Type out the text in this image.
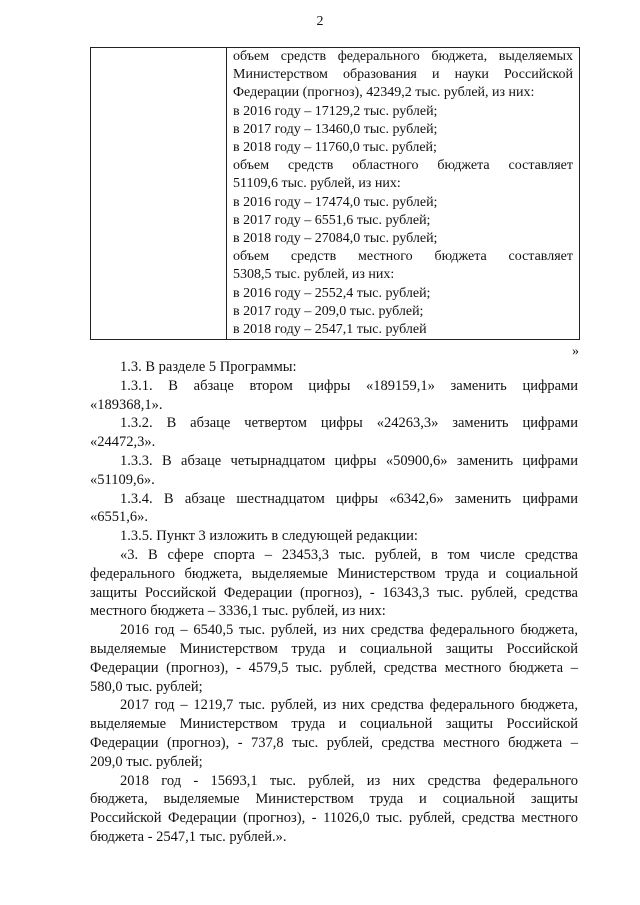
2

объем средств федерального бюджета, выделяемых
Министерством образования и науки Российской
Федерации (прогноз), 42349,2 тыс. рублей, из них:
в 2016 году – 17129,2 тыс. рублей;
в 2017 году – 13460,0 тыс. рублей;
в 2018 году – 11760,0 тыс. рублей;
объем средств областного бюджета составляет
51109,6 тыс. рублей, из них:
в 2016 году – 17474,0 тыс. рублей;
в 2017 году – 6551,6 тыс. рублей;
в 2018 году – 27084,0 тыс. рублей;
объем средств местного бюджета составляет
5308,5 тыс. рублей, из них:
в 2016 году – 2552,4 тыс. рублей;
в 2017 году – 209,0 тыс. рублей;
в 2018 году – 2547,1 тыс. рублей
»
1.3. В разделе 5 Программы:
1.3.1. В абзаце втором цифры «189159,1» заменить цифрами
«189368,1».
1.3.2. В абзаце четвертом цифры «24263,3» заменить цифрами
«24472,3».
1.3.3. В абзаце четырнадцатом цифры «50900,6» заменить цифрами
«51109,6».
1.3.4. В абзаце шестнадцатом цифры «6342,6» заменить цифрами
«6551,6».
1.3.5. Пункт 3 изложить в следующей редакции:
«3. В сфере спорта – 23453,3 тыс. рублей, в том числе средства
федерального бюджета, выделяемые Министерством труда и социальной
защиты Российской Федерации (прогноз), - 16343,3 тыс. рублей, средства
местного бюджета – 3336,1 тыс. рублей, из них:
2016 год – 6540,5 тыс. рублей, из них средства федерального бюджета,
выделяемые Министерством труда и социальной защиты Российской
Федерации (прогноз), - 4579,5 тыс. рублей, средства местного бюджета –
580,0 тыс. рублей;
2017 год – 1219,7 тыс. рублей, из них средства федерального бюджета,
выделяемые Министерством труда и социальной защиты Российской
Федерации (прогноз), - 737,8 тыс. рублей, средства местного бюджета –
209,0 тыс. рублей;
2018 год - 15693,1 тыс. рублей, из них средства федерального
бюджета, выделяемые Министерством труда и социальной защиты
Российской Федерации (прогноз), - 11026,0 тыс. рублей, средства местного
бюджета - 2547,1 тыс. рублей.».
